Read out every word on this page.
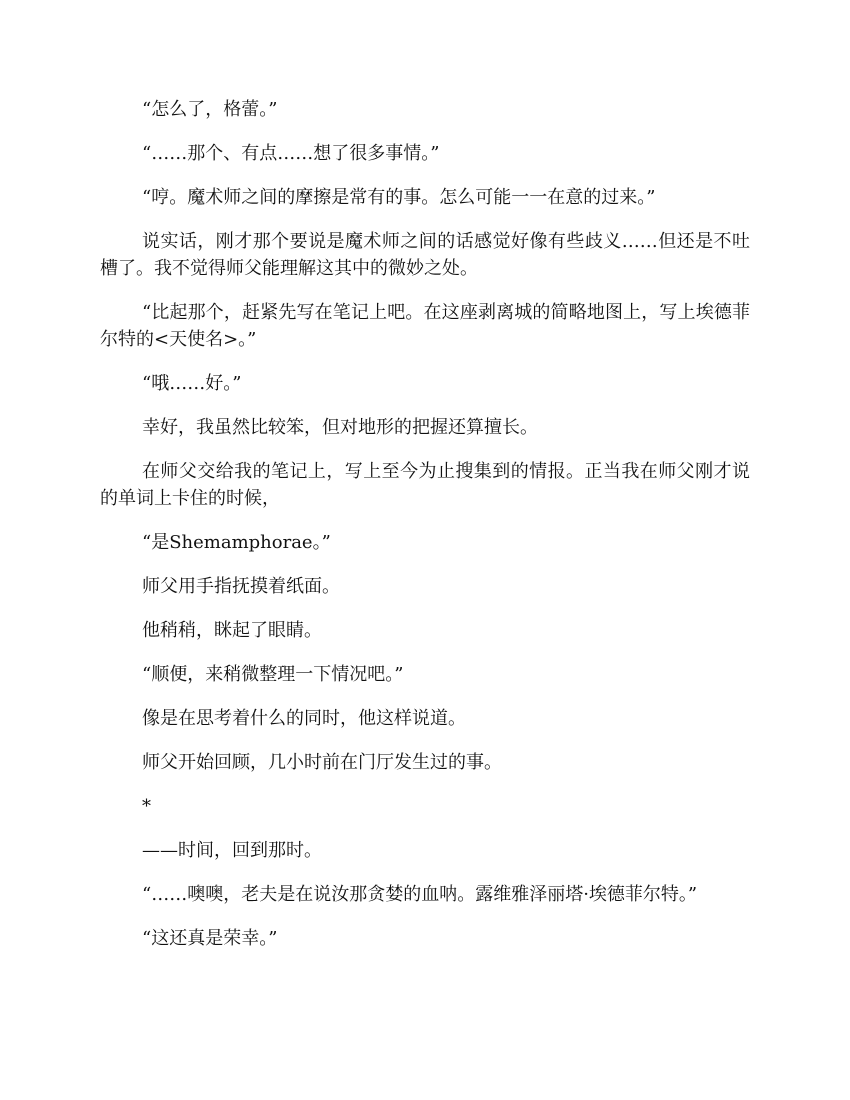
“怎么了，格蕾。”

“……那个、有点……想了很多事情。”

“哼。魔术师之间的摩擦是常有的事。怎么可能一一在意的过来。”

说实话，刚才那个要说是魔术师之间的话感觉好像有些歧义……但还是不吐槽了。我不觉得师父能理解这其中的微妙之处。

“比起那个，赶紧先写在笔记上吧。在这座剥离城的简略地图上，写上埃德菲尔特的<天使名>。”

“哦……好。”

幸好，我虽然比较笨，但对地形的把握还算擅长。

在师父交给我的笔记上，写上至今为止搜集到的情报。正当我在师父刚才说的单词上卡住的时候，

“是Shemamphorae。”

师父用手指抚摸着纸面。

他稍稍，眯起了眼睛。

“顺便，来稍微整理一下情况吧。”

像是在思考着什么的同时，他这样说道。

师父开始回顾，几小时前在门厅发生过的事。

*

——时间，回到那时。

“……噢噢，老夫是在说汝那贪婪的血呐。露维雅泽丽塔·埃德菲尔特。”

“这还真是荣幸。”
